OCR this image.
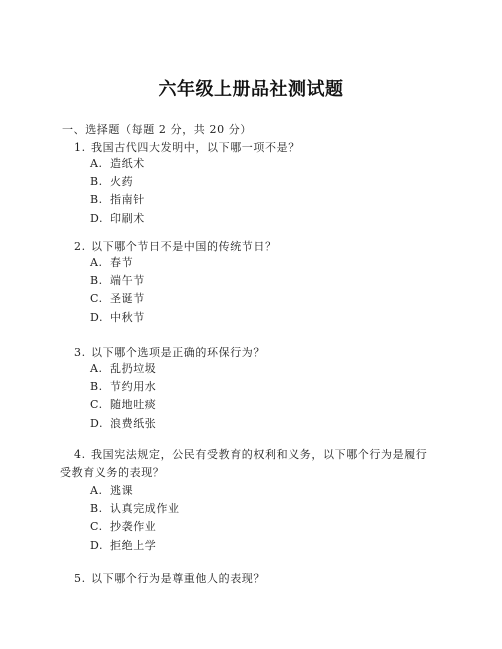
六年级上册品社测试题
一、选择题（每题 2 分，共 20 分）
1. 我国古代四大发明中，以下哪一项不是？
A. 造纸术
B. 火药
B. 指南针
D. 印刷术
2. 以下哪个节日不是中国的传统节日？
A. 春节
B. 端午节
C. 圣诞节
D. 中秋节
3. 以下哪个选项是正确的环保行为？
A. 乱扔垃圾
B. 节约用水
C. 随地吐痰
D. 浪费纸张
4. 我国宪法规定，公民有受教育的权利和义务，以下哪个行为是履行受教育义务的表现？
A. 逃课
B. 认真完成作业
C. 抄袭作业
D. 拒绝上学
5. 以下哪个行为是尊重他人的表现？
